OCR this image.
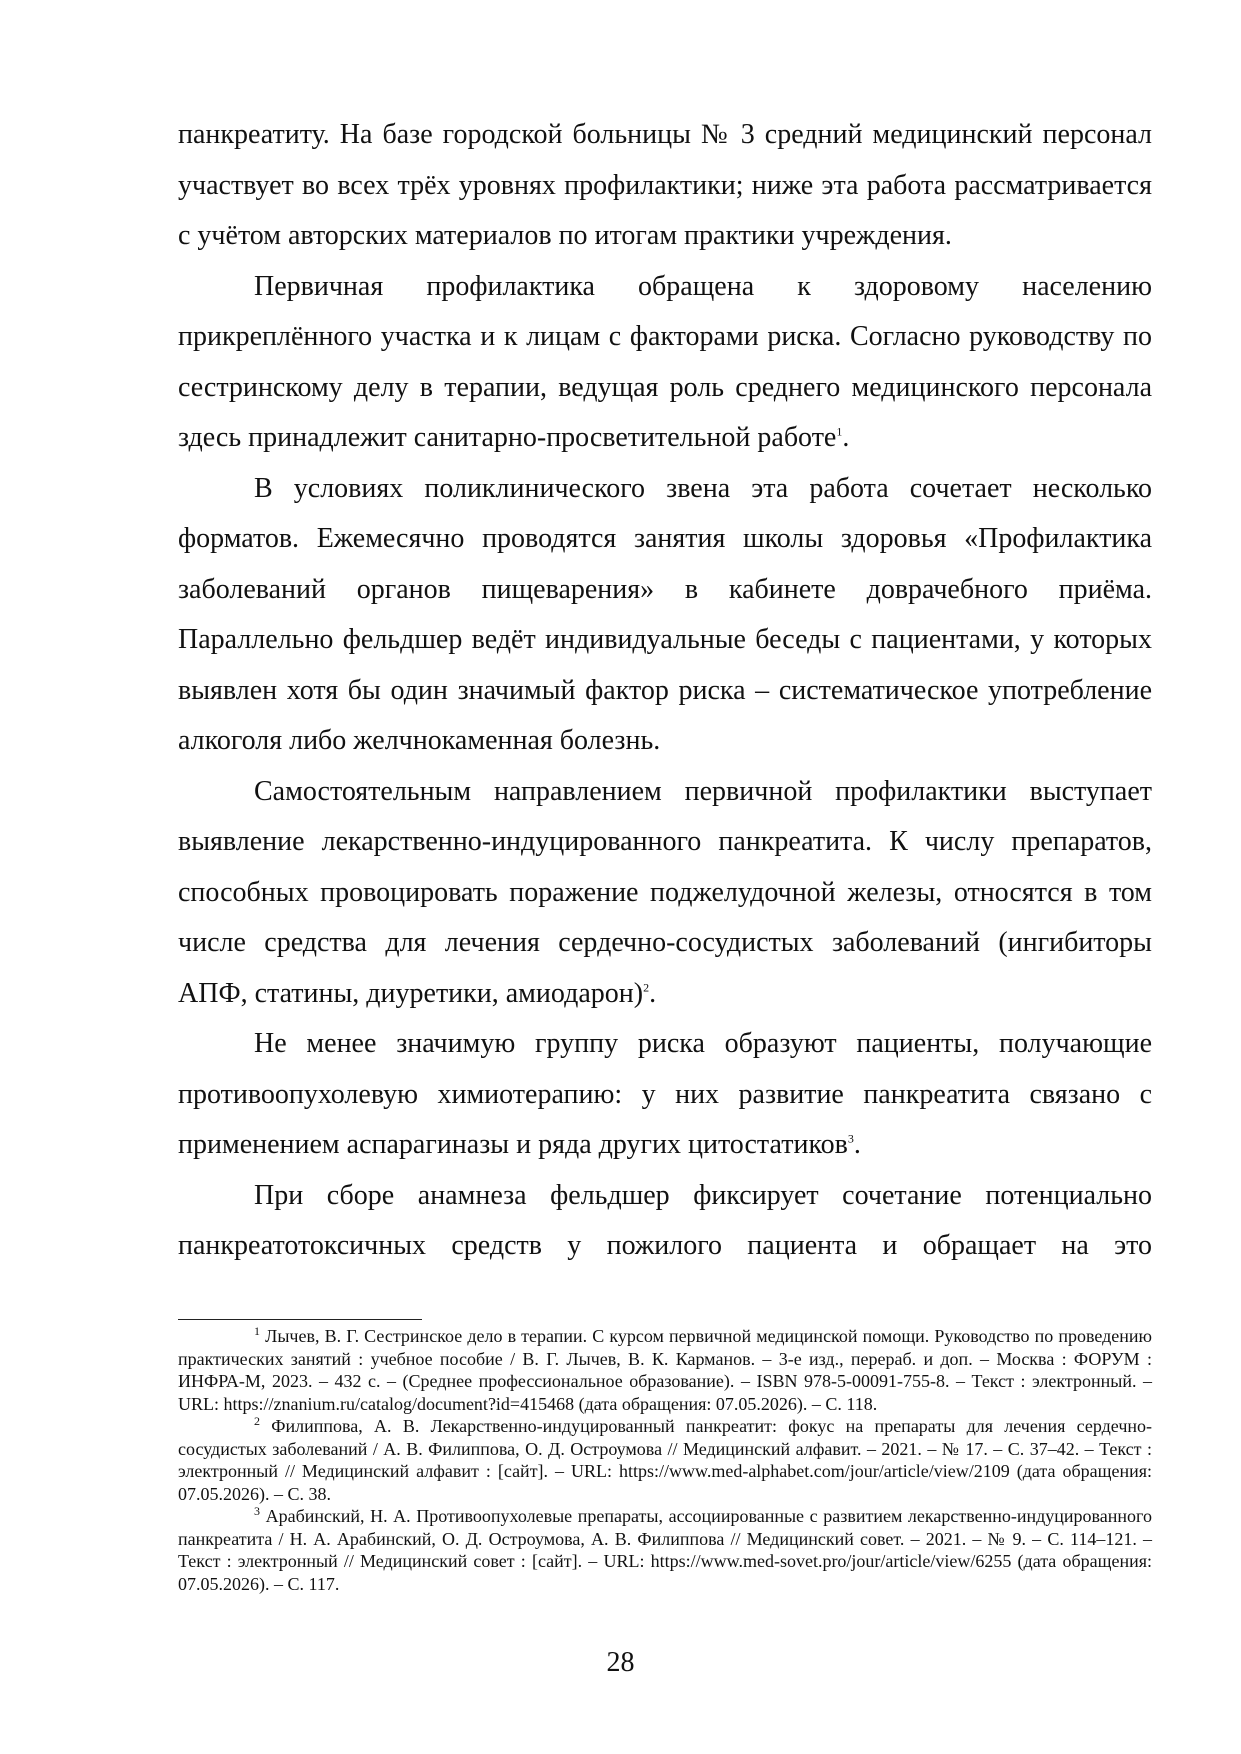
панкреатиту. На базе городской больницы № 3 средний медицинский персонал участвует во всех трёх уровнях профилактики; ниже эта работа рассматривается с учётом авторских материалов по итогам практики учреждения.

Первичная профилактика обращена к здоровому населению прикреплённого участка и к лицам с факторами риска. Согласно руководству по сестринскому делу в терапии, ведущая роль среднего медицинского персонала здесь принадлежит санитарно-просветительной работе$^1$.

В условиях поликлинического звена эта работа сочетает несколько форматов. Ежемесячно проводятся занятия школы здоровья «Профилактика заболеваний органов пищеварения» в кабинете доврачебного приёма. Параллельно фельдшер ведёт индивидуальные беседы с пациентами, у которых выявлен хотя бы один значимый фактор риска – систематическое употребление алкоголя либо желчнокаменная болезнь.

Самостоятельным направлением первичной профилактики выступает выявление лекарственно-индуцированного панкреатита. К числу препаратов, способных провоцировать поражение поджелудочной железы, относятся в том числе средства для лечения сердечно-сосудистых заболеваний (ингибиторы АПФ, статины, диуретики, амиодарон)$^2$.

Не менее значимую группу риска образуют пациенты, получающие противоопухолевую химиотерапию: у них развитие панкреатита связано с применением аспарагиназы и ряда других цитостатиков$^3$.

При сборе анамнеза фельдшер фиксирует сочетание потенциально панкреатотоксичных средств у пожилого пациента и обращает на это

$^1$ Лычев, В. Г. Сестринское дело в терапии. С курсом первичной медицинской помощи. Руководство по проведению практических занятий : учебное пособие / В. Г. Лычев, В. К. Карманов. – 3-е изд., перераб. и доп. – Москва : ФОРУМ : ИНФРА-М, 2023. – 432 с. – (Среднее профессиональное образование). – ISBN 978-5-00091-755-8. – Текст : электронный. – URL: https://znanium.ru/catalog/document?id=415468 (дата обращения: 07.05.2026). – С. 118.

$^2$ Филиппова, А. В. Лекарственно-индуцированный панкреатит: фокус на препараты для лечения сердечно-сосудистых заболеваний / А. В. Филиппова, О. Д. Остроумова // Медицинский алфавит. – 2021. – № 17. – С. 37–42. – Текст : электронный // Медицинский алфавит : [сайт]. – URL: https://www.med-alphabet.com/jour/article/view/2109 (дата обращения: 07.05.2026). – С. 38.

$^3$ Арабинский, Н. А. Противоопухолевые препараты, ассоциированные с развитием лекарственно-индуцированного панкреатита / Н. А. Арабинский, О. Д. Остроумова, А. В. Филиппова // Медицинский совет. – 2021. – № 9. – С. 114–121. – Текст : электронный // Медицинский совет : [сайт]. – URL: https://www.med-sovet.pro/jour/article/view/6255 (дата обращения: 07.05.2026). – С. 117.

28
